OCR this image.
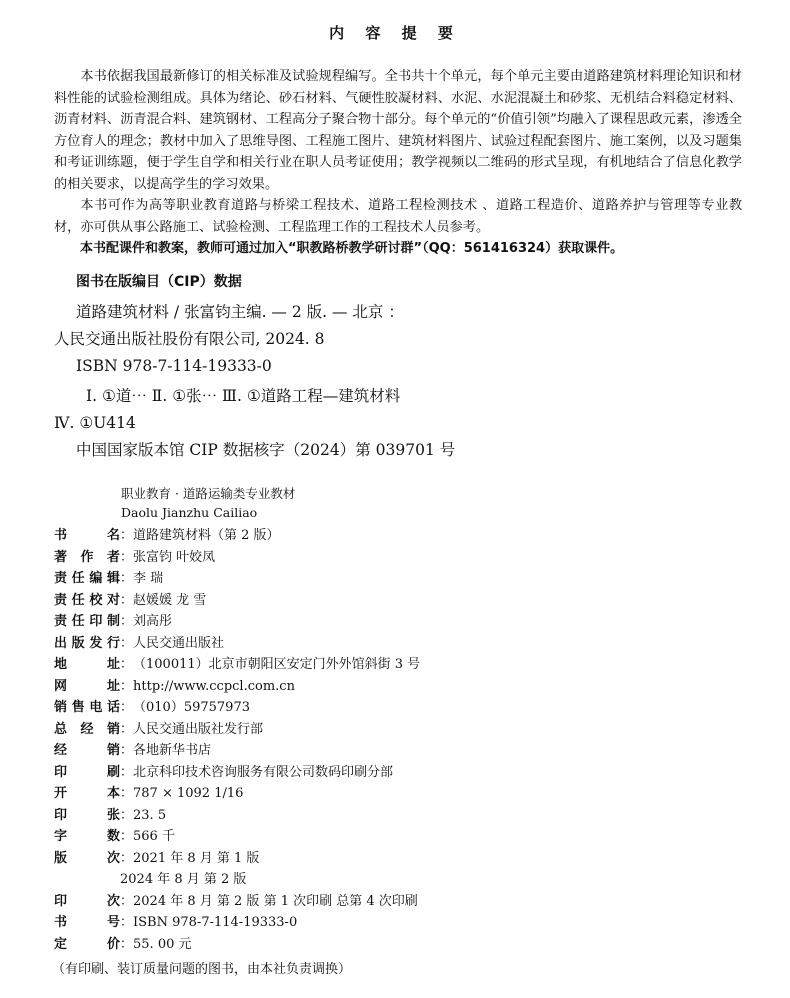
内 容 提 要

本书依据我国最新修订的相关标准及试验规程编写。全书共十个单元，每个单元主要由道路建筑材料理论知识和材料性能的试验检测组成。具体为绪论、砂石材料、气硬性胶凝材料、水泥、水泥混凝土和砂浆、无机结合料稳定材料、沥青材料、沥青混合料、建筑钢材、工程高分子聚合物十部分。每个单元的“价值引领”均融入了课程思政元素，渗透全方位育人的理念；教材中加入了思维导图、工程施工图片、建筑材料图片、试验过程配套图片、施工案例，以及习题集和考证训练题，便于学生自学和相关行业在职人员考证使用；教学视频以二维码的形式呈现，有机地结合了信息化教学的相关要求，以提高学生的学习效果。

本书可作为高等职业教育道路与桥梁工程技术、道路工程检测技术 、道路工程造价、道路养护与管理等专业教材，亦可供从事公路施工、试验检测、工程监理工作的工程技术人员参考。

本书配课件和教案，教师可通过加入“职教路桥教学研讨群”（QQ：561416324）获取课件。

图书在版编目（CIP）数据
道路建筑材料 / 张富钧主编. — 2 版. — 北京 ：
人民交通出版社股份有限公司, 2024. 8
ISBN 978-7-114-19333-0
Ⅰ. ①道⋯ Ⅱ. ①张⋯ Ⅲ. ①道路工程—建筑材料
Ⅳ. ①U414
中国国家版本馆 CIP 数据核字（2024）第 039701 号
职业教育 · 道路运输类专业教材
Daolu Jianzhu Cailiao
书名：道路建筑材料（第 2 版）
著作者：张富钧 叶姣凤
责任编辑：李 瑞
责任校对：赵媛媛 龙 雪
责任印制：刘高彤
出版发行：人民交通出版社
地址：（100011）北京市朝阳区安定门外外馆斜街 3 号
网址：http://www.ccpcl.com.cn
销售电话：（010）59757973
总经销：人民交通出版社发行部
经销：各地新华书店
印刷：北京科印技术咨询服务有限公司数码印刷分部
开本：787 × 1092 1/16
印张：23. 5
字数：566 千
版次：2021 年 8 月 第 1 版
2024 年 8 月 第 2 版
印次：2024 年 8 月 第 2 版 第 1 次印刷 总第 4 次印刷
书号：ISBN 978-7-114-19333-0
定价：55. 00 元
（有印刷、装订质量问题的图书，由本社负责调换）
